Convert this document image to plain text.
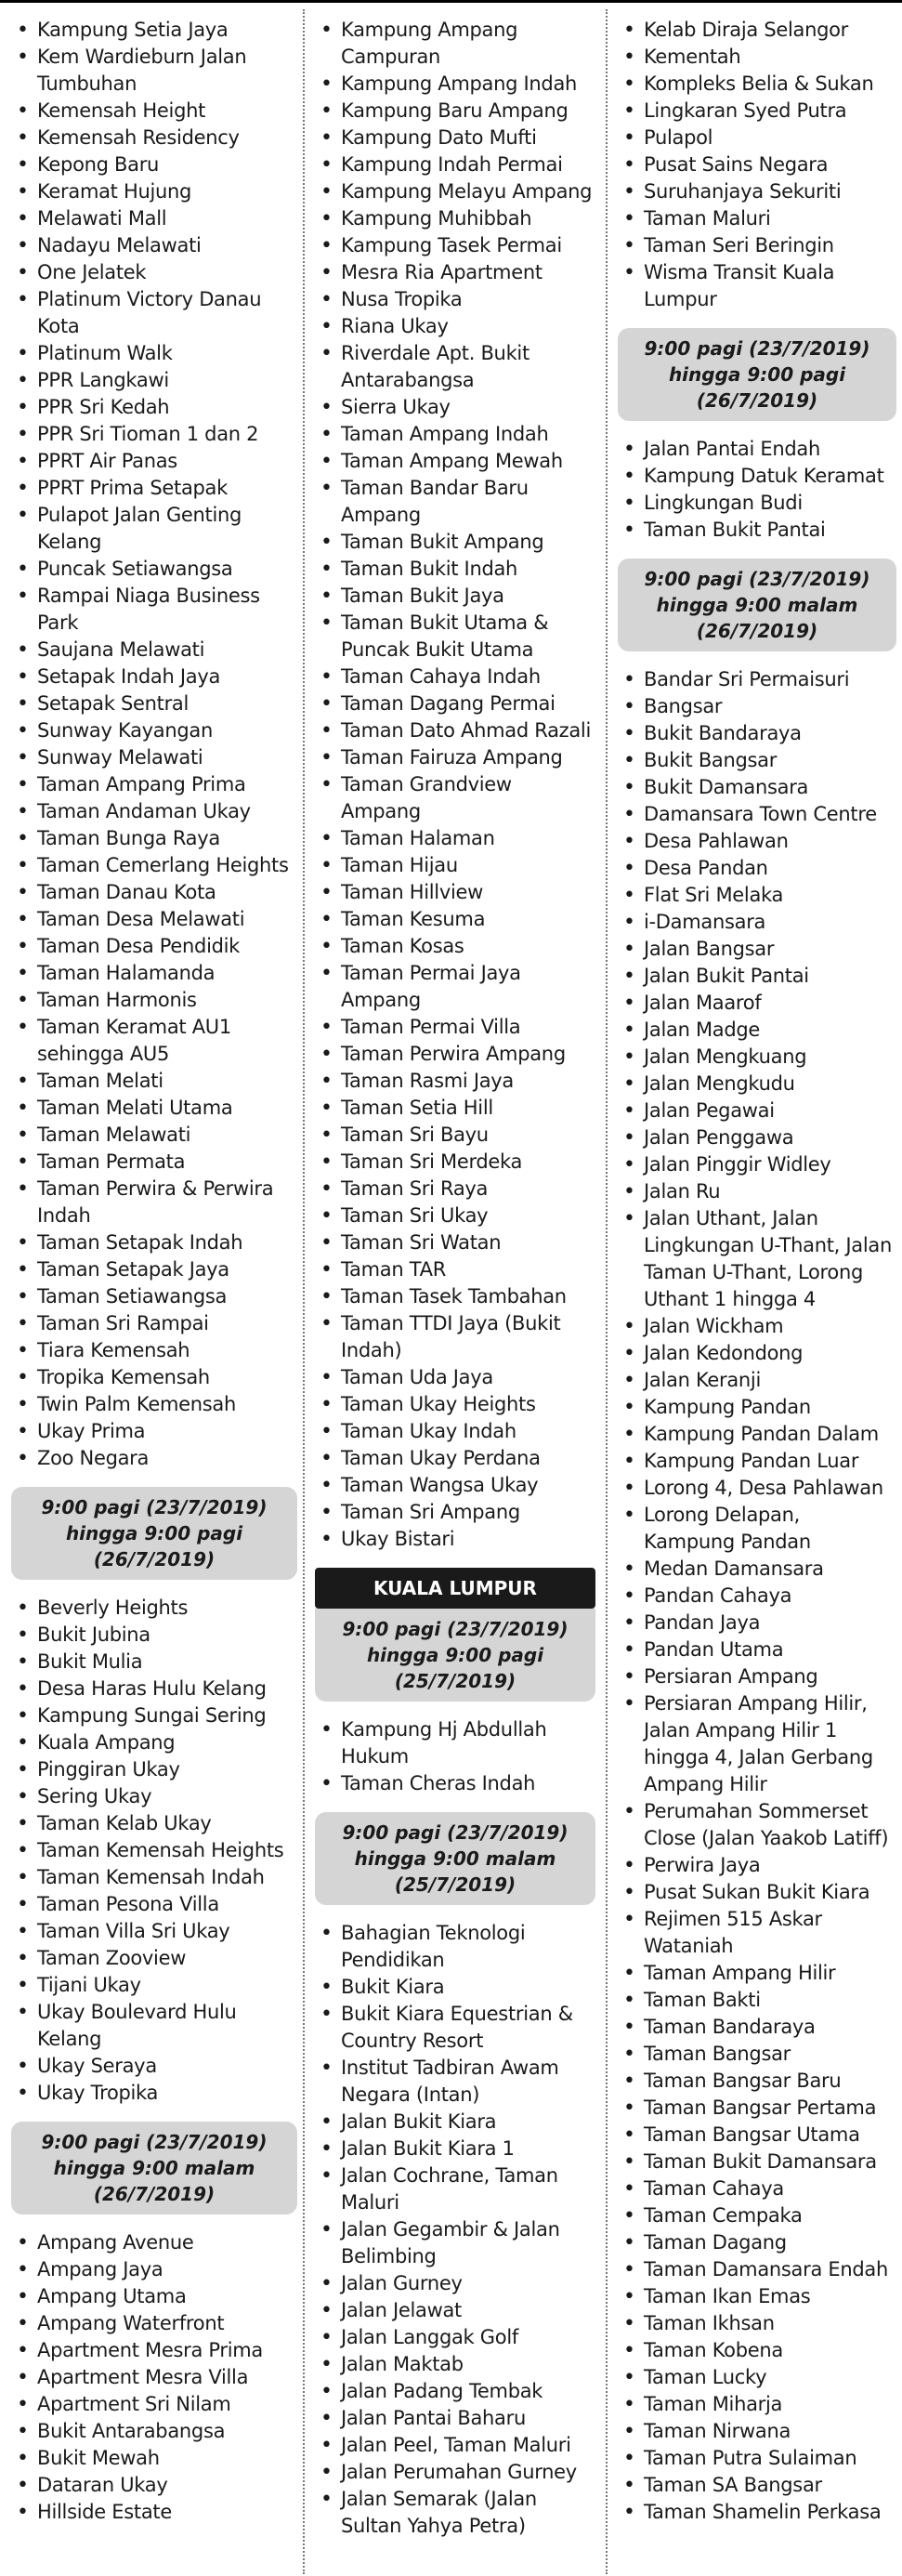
• Kampung Setia Jaya
• Kem Wardieburn Jalan Tumbuhan
• Kemensah Height
• Kemensah Residency
• Kepong Baru
• Keramat Hujung
• Melawati Mall
• Nadayu Melawati
• One Jelatek
• Platinum Victory Danau Kota
• Platinum Walk
• PPR Langkawi
• PPR Sri Kedah
• PPR Sri Tioman 1 dan 2
• PPRT Air Panas
• PPRT Prima Setapak
• Pulapot Jalan Genting Kelang
• Puncak Setiawangsa
• Rampai Niaga Business Park
• Saujana Melawati
• Setapak Indah Jaya
• Setapak Sentral
• Sunway Kayangan
• Sunway Melawati
• Taman Ampang Prima
• Taman Andaman Ukay
• Taman Bunga Raya
• Taman Cemerlang Heights
• Taman Danau Kota
• Taman Desa Melawati
• Taman Desa Pendidik
• Taman Halamanda
• Taman Harmonis
• Taman Keramat AU1 sehingga AU5
• Taman Melati
• Taman Melati Utama
• Taman Melawati
• Taman Permata
• Taman Perwira & Perwira Indah
• Taman Setapak Indah
• Taman Setapak Jaya
• Taman Setiawangsa
• Taman Sri Rampai
• Tiara Kemensah
• Tropika Kemensah
• Twin Palm Kemensah
• Ukay Prima
• Zoo Negara
9:00 pagi (23/7/2019)
hingga 9:00 pagi
(26/7/2019)
• Beverly Heights
• Bukit Jubina
• Bukit Mulia
• Desa Haras Hulu Kelang
• Kampung Sungai Sering
• Kuala Ampang
• Pinggiran Ukay
• Sering Ukay
• Taman Kelab Ukay
• Taman Kemensah Heights
• Taman Kemensah Indah
• Taman Pesona Villa
• Taman Villa Sri Ukay
• Taman Zooview
• Tijani Ukay
• Ukay Boulevard Hulu Kelang
• Ukay Seraya
• Ukay Tropika
9:00 pagi (23/7/2019)
hingga 9:00 malam
(26/7/2019)
• Ampang Avenue
• Ampang Jaya
• Ampang Utama
• Ampang Waterfront
• Apartment Mesra Prima
• Apartment Mesra Villa
• Apartment Sri Nilam
• Bukit Antarabangsa
• Bukit Mewah
• Dataran Ukay
• Hillside Estate
• Kampung Ampang Campuran
• Kampung Ampang Indah
• Kampung Baru Ampang
• Kampung Dato Mufti
• Kampung Indah Permai
• Kampung Melayu Ampang
• Kampung Muhibbah
• Kampung Tasek Permai
• Mesra Ria Apartment
• Nusa Tropika
• Riana Ukay
• Riverdale Apt. Bukit Antarabangsa
• Sierra Ukay
• Taman Ampang Indah
• Taman Ampang Mewah
• Taman Bandar Baru Ampang
• Taman Bukit Ampang
• Taman Bukit Indah
• Taman Bukit Jaya
• Taman Bukit Utama & Puncak Bukit Utama
• Taman Cahaya Indah
• Taman Dagang Permai
• Taman Dato Ahmad Razali
• Taman Fairuza Ampang
• Taman Grandview Ampang
• Taman Halaman
• Taman Hijau
• Taman Hillview
• Taman Kesuma
• Taman Kosas
• Taman Permai Jaya Ampang
• Taman Permai Villa
• Taman Perwira Ampang
• Taman Rasmi Jaya
• Taman Setia Hill
• Taman Sri Bayu
• Taman Sri Merdeka
• Taman Sri Raya
• Taman Sri Ukay
• Taman Sri Watan
• Taman TAR
• Taman Tasek Tambahan
• Taman TTDI Jaya (Bukit Indah)
• Taman Uda Jaya
• Taman Ukay Heights
• Taman Ukay Indah
• Taman Ukay Perdana
• Taman Wangsa Ukay
• Taman Sri Ampang
• Ukay Bistari
KUALA LUMPUR
9:00 pagi (23/7/2019)
hingga 9:00 pagi
(25/7/2019)
• Kampung Hj Abdullah Hukum
• Taman Cheras Indah
9:00 pagi (23/7/2019)
hingga 9:00 malam
(25/7/2019)
• Bahagian Teknologi Pendidikan
• Bukit Kiara
• Bukit Kiara Equestrian & Country Resort
• Institut Tadbiran Awam Negara (Intan)
• Jalan Bukit Kiara
• Jalan Bukit Kiara 1
• Jalan Cochrane, Taman Maluri
• Jalan Gegambir & Jalan Belimbing
• Jalan Gurney
• Jalan Jelawat
• Jalan Langgak Golf
• Jalan Maktab
• Jalan Padang Tembak
• Jalan Pantai Baharu
• Jalan Peel, Taman Maluri
• Jalan Perumahan Gurney
• Jalan Semarak (Jalan Sultan Yahya Petra)
• Kelab Diraja Selangor
• Kementah
• Kompleks Belia & Sukan
• Lingkaran Syed Putra
• Pulapol
• Pusat Sains Negara
• Suruhanjaya Sekuriti
• Taman Maluri
• Taman Seri Beringin
• Wisma Transit Kuala Lumpur
9:00 pagi (23/7/2019)
hingga 9:00 pagi
(26/7/2019)
• Jalan Pantai Endah
• Kampung Datuk Keramat
• Lingkungan Budi
• Taman Bukit Pantai
9:00 pagi (23/7/2019)
hingga 9:00 malam
(26/7/2019)
• Bandar Sri Permaisuri
• Bangsar
• Bukit Bandaraya
• Bukit Bangsar
• Bukit Damansara
• Damansara Town Centre
• Desa Pahlawan
• Desa Pandan
• Flat Sri Melaka
• i-Damansara
• Jalan Bangsar
• Jalan Bukit Pantai
• Jalan Maarof
• Jalan Madge
• Jalan Mengkuang
• Jalan Mengkudu
• Jalan Pegawai
• Jalan Penggawa
• Jalan Pinggir Widley
• Jalan Ru
• Jalan Uthant, Jalan Lingkungan U-Thant, Jalan Taman U-Thant, Lorong Uthant 1 hingga 4
• Jalan Wickham
• Jalan Kedondong
• Jalan Keranji
• Kampung Pandan
• Kampung Pandan Dalam
• Kampung Pandan Luar
• Lorong 4, Desa Pahlawan
• Lorong Delapan, Kampung Pandan
• Medan Damansara
• Pandan Cahaya
• Pandan Jaya
• Pandan Utama
• Persiaran Ampang
• Persiaran Ampang Hilir, Jalan Ampang Hilir 1 hingga 4, Jalan Gerbang Ampang Hilir
• Perumahan Sommerset Close (Jalan Yaakob Latiff)
• Perwira Jaya
• Pusat Sukan Bukit Kiara
• Rejimen 515 Askar Wataniah
• Taman Ampang Hilir
• Taman Bakti
• Taman Bandaraya
• Taman Bangsar
• Taman Bangsar Baru
• Taman Bangsar Pertama
• Taman Bangsar Utama
• Taman Bukit Damansara
• Taman Cahaya
• Taman Cempaka
• Taman Dagang
• Taman Damansara Endah
• Taman Ikan Emas
• Taman Ikhsan
• Taman Kobena
• Taman Lucky
• Taman Miharja
• Taman Nirwana
• Taman Putra Sulaiman
• Taman SA Bangsar
• Taman Shamelin Perkasa
